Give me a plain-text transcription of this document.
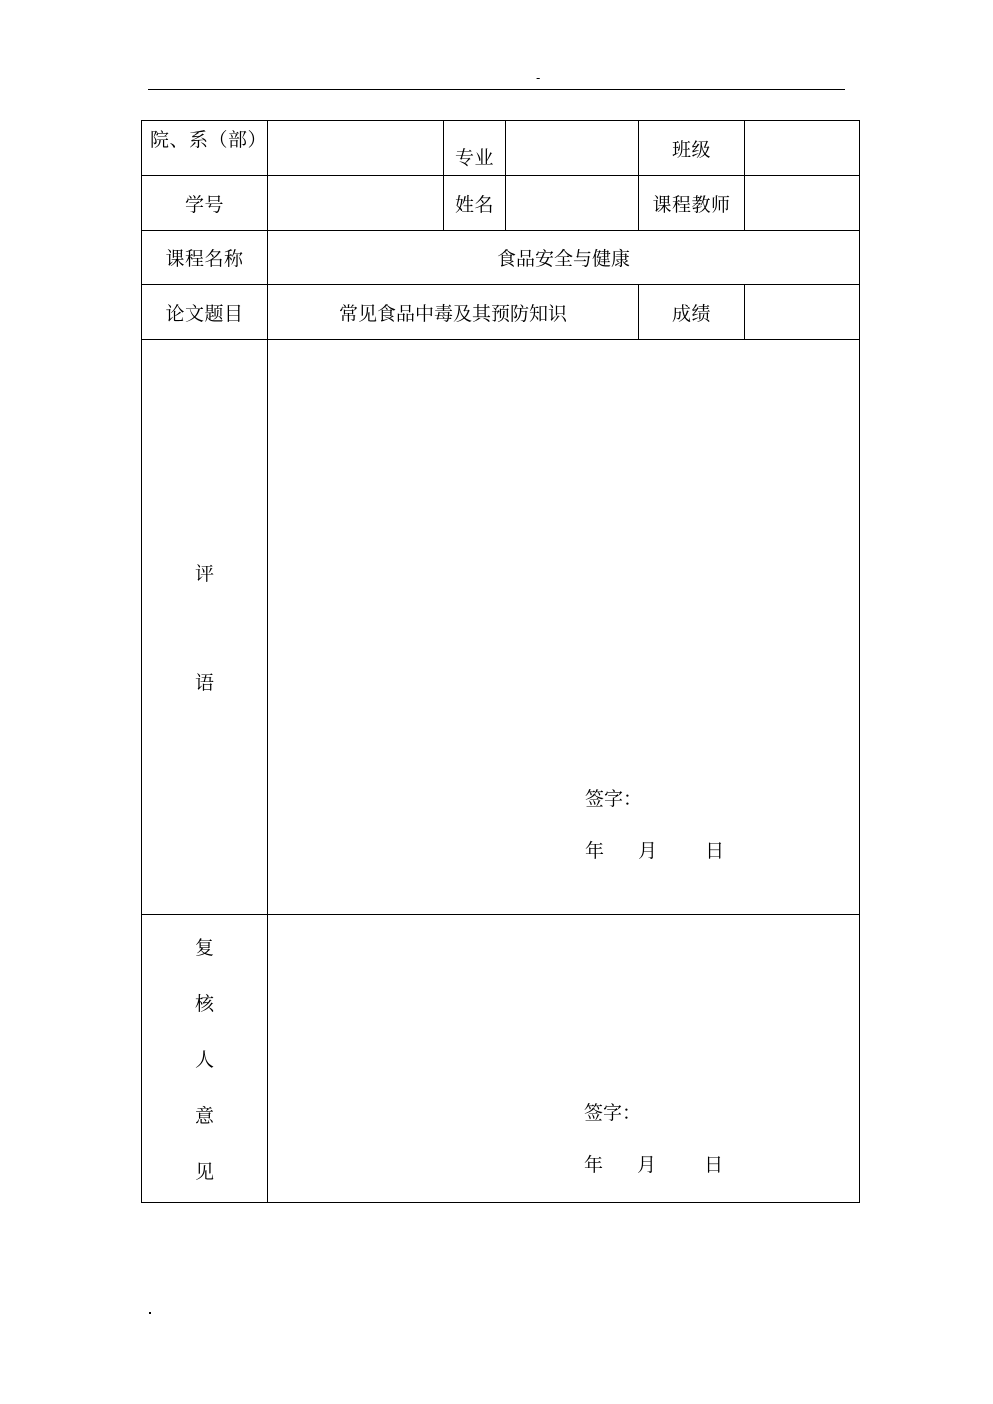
-
院、系（部）		专业		班级	
学号		姓名		课程教师	
课程名称	食品安全与健康				
论文题目	常见食品中毒及其预防知识			成绩	

评
语	签字：
年 月 日				

复
核
人
意
见	签字：
年 月 日				
